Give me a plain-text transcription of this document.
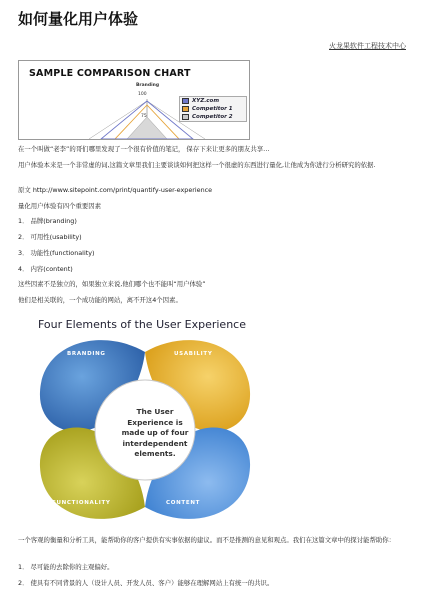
如何量化用户体验
火龙果软件工程技术中心
SAMPLE COMPARISON CHART
Branding
100
75
XYZ.com
Competitor 1
Competitor 2
在一个叫做“老李”的哥们哪里发现了一个很有价值的笔记， 保存下来让更多的朋友共享…
用户体验本来是一个非常虚的词,这篇文章里我们主要谈谈如何把这样一个很虚的东西进行量化,让他成为你进行分析研究的依据.
原文 http://www.sitepoint.com/print/quantify-user-experience
量化用户体验有四个重要因素
1． 品牌(branding)
2． 可用性(usability)
3． 功能性(functionality)
4． 内容(content)
这些因素不是独立的，如果独立来说,他们哪个也不能叫“用户体验”
他们是相关联的，一个成功能的网站，离不开这4个因素。
Four Elements of the User Experience
BRANDING	USABILITY
FUNCTIONALITY	CONTENT
The User
Experience is
made up of four
interdependent
elements.
一个客观的衡量和分析工具，能帮助你的客户提供有实事依据的建议。而不是推测的意见和观点。我们在这篇文章中的探讨能帮助你：
1． 尽可能的去除你的主观偏好。
2． 使具有不同背景的人（设计人员、开发人员、客户）能够在理解网站上有统一的共识。
